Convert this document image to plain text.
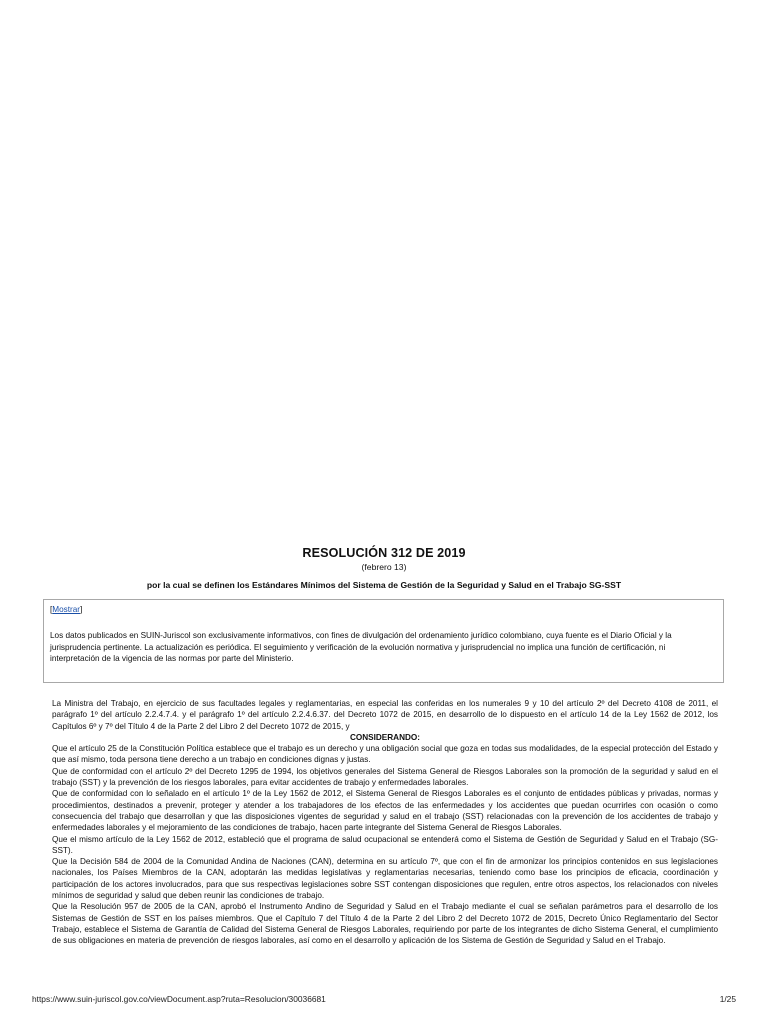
RESOLUCIÓN 312 DE 2019
(febrero 13)
por la cual se definen los Estándares Mínimos del Sistema de Gestión de la Seguridad y Salud en el Trabajo SG-SST
[Mostrar]
Los datos publicados en SUIN-Juriscol son exclusivamente informativos, con fines de divulgación del ordenamiento jurídico colombiano, cuya fuente es el Diario Oficial y la jurisprudencia pertinente. La actualización es periódica. El seguimiento y verificación de la evolución normativa y jurisprudencial no implica una función de certificación, ni interpretación de la vigencia de las normas por parte del Ministerio.

La Ministra del Trabajo, en ejercicio de sus facultades legales y reglamentarias, en especial las conferidas en los numerales 9 y 10 del artículo 2º del Decreto 4108 de 2011, el parágrafo 1º del artículo 2.2.4.7.4. y el parágrafo 1º del artículo 2.2.4.6.37. del Decreto 1072 de 2015, en desarrollo de lo dispuesto en el artículo 14 de la Ley 1562 de 2012, los Capítulos 6º y 7º del Título 4 de la Parte 2 del Libro 2 del Decreto 1072 de 2015, y

CONSIDERANDO:

Que el artículo 25 de la Constitución Política establece que el trabajo es un derecho y una obligación social que goza en todas sus modalidades, de la especial protección del Estado y que así mismo, toda persona tiene derecho a un trabajo en condiciones dignas y justas.

Que de conformidad con el artículo 2º del Decreto 1295 de 1994, los objetivos generales del Sistema General de Riesgos Laborales son la promoción de la seguridad y salud en el trabajo (SST) y la prevención de los riesgos laborales, para evitar accidentes de trabajo y enfermedades laborales.

Que de conformidad con lo señalado en el artículo 1º de la Ley 1562 de 2012, el Sistema General de Riesgos Laborales es el conjunto de entidades públicas y privadas, normas y procedimientos, destinados a prevenir, proteger y atender a los trabajadores de los efectos de las enfermedades y los accidentes que puedan ocurrirles con ocasión o como consecuencia del trabajo que desarrollan y que las disposiciones vigentes de seguridad y salud en el trabajo (SST) relacionadas con la prevención de los accidentes de trabajo y enfermedades laborales y el mejoramiento de las condiciones de trabajo, hacen parte integrante del Sistema General de Riesgos Laborales.

Que el mismo artículo de la Ley 1562 de 2012, estableció que el programa de salud ocupacional se entenderá como el Sistema de Gestión de Seguridad y Salud en el Trabajo (SG-SST).

Que la Decisión 584 de 2004 de la Comunidad Andina de Naciones (CAN), determina en su artículo 7º, que con el fin de armonizar los principios contenidos en sus legislaciones nacionales, los Países Miembros de la CAN, adoptarán las medidas legislativas y reglamentarias necesarias, teniendo como base los principios de eficacia, coordinación y participación de los actores involucrados, para que sus respectivas legislaciones sobre SST contengan disposiciones que regulen, entre otros aspectos, los relacionados con niveles mínimos de seguridad y salud que deben reunir las condiciones de trabajo.

Que la Resolución 957 de 2005 de la CAN, aprobó el Instrumento Andino de Seguridad y Salud en el Trabajo mediante el cual se señalan parámetros para el desarrollo de los Sistemas de Gestión de SST en los países miembros. Que el Capítulo 7 del Título 4 de la Parte 2 del Libro 2 del Decreto 1072 de 2015, Decreto Único Reglamentario del Sector Trabajo, establece el Sistema de Garantía de Calidad del Sistema General de Riesgos Laborales, requiriendo por parte de los integrantes de dicho Sistema General, el cumplimiento de sus obligaciones en materia de prevención de riesgos laborales, así como en el desarrollo y aplicación de los Sistema de Gestión de Seguridad y Salud en el Trabajo.

https://www.suin-juriscol.gov.co/viewDocument.asp?ruta=Resolucion/30036681	1/25
